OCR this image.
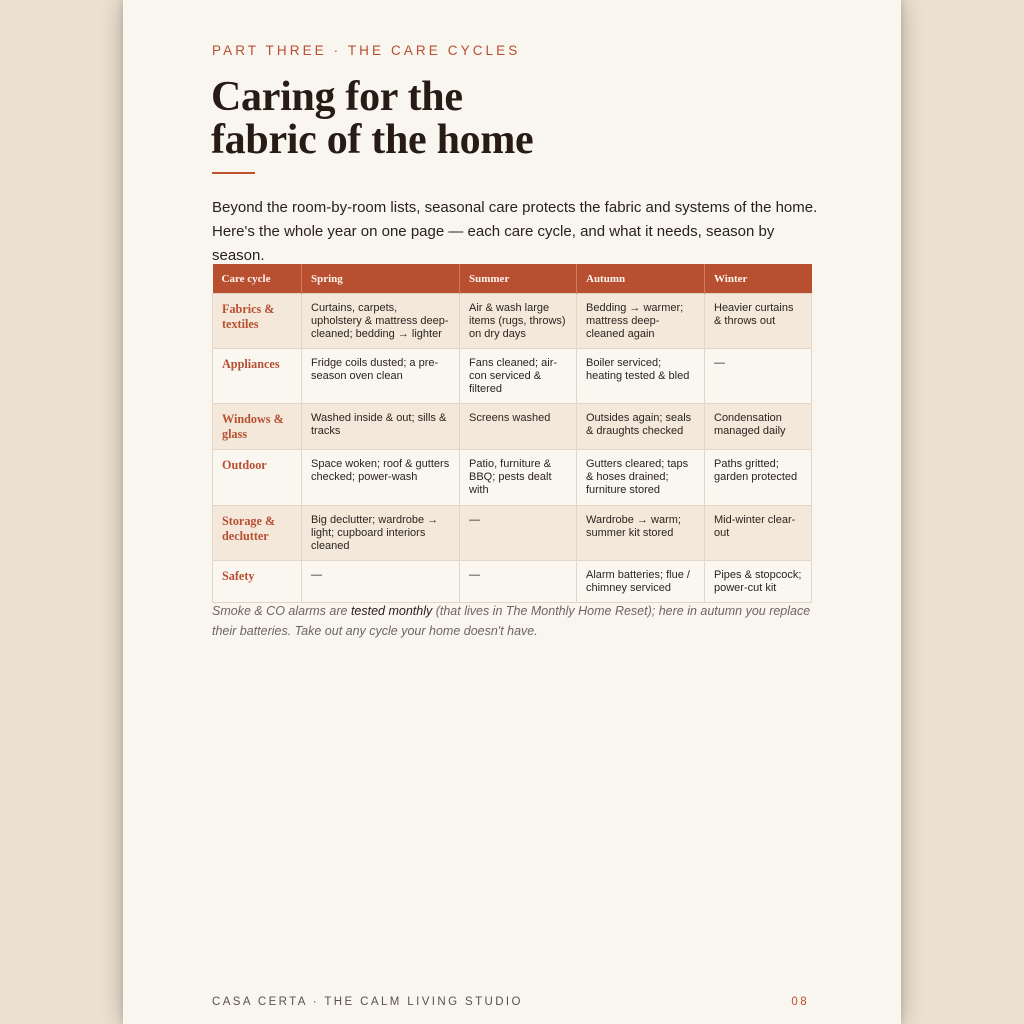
PART THREE · THE CARE CYCLES
Caring for the
fabric of the home

Beyond the room-by-room lists, seasonal care protects the fabric and systems of the home. Here's the whole year on one page — each care cycle, and what it needs, season by season.

Care cycle	Spring	Summer	Autumn	Winter
Fabrics & textiles	Curtains, carpets, upholstery & mattress deep-cleaned; bedding → lighter	Air & wash large items (rugs, throws) on dry days	Bedding → warmer; mattress deep-cleaned again	Heavier curtains & throws out
Appliances	Fridge coils dusted; a pre-season oven clean	Fans cleaned; air-con serviced & filtered	Boiler serviced; heating tested & bled	—
Windows & glass	Washed inside & out; sills & tracks	Screens washed	Outsides again; seals & draughts checked	Condensation managed daily
Outdoor	Space woken; roof & gutters checked; power-wash	Patio, furniture & BBQ; pests dealt with	Gutters cleared; taps & hoses drained; furniture stored	Paths gritted; garden protected
Storage & declutter	Big declutter; wardrobe → light; cupboard interiors cleaned	—	Wardrobe → warm; summer kit stored	Mid-winter clear-out
Safety	—	—	Alarm batteries; flue / chimney serviced	Pipes & stopcock; power-cut kit

Smoke & CO alarms are tested monthly (that lives in The Monthly Home Reset); here in autumn you replace their batteries. Take out any cycle your home doesn't have.

CASA CERTA · THE CALM LIVING STUDIO	08
